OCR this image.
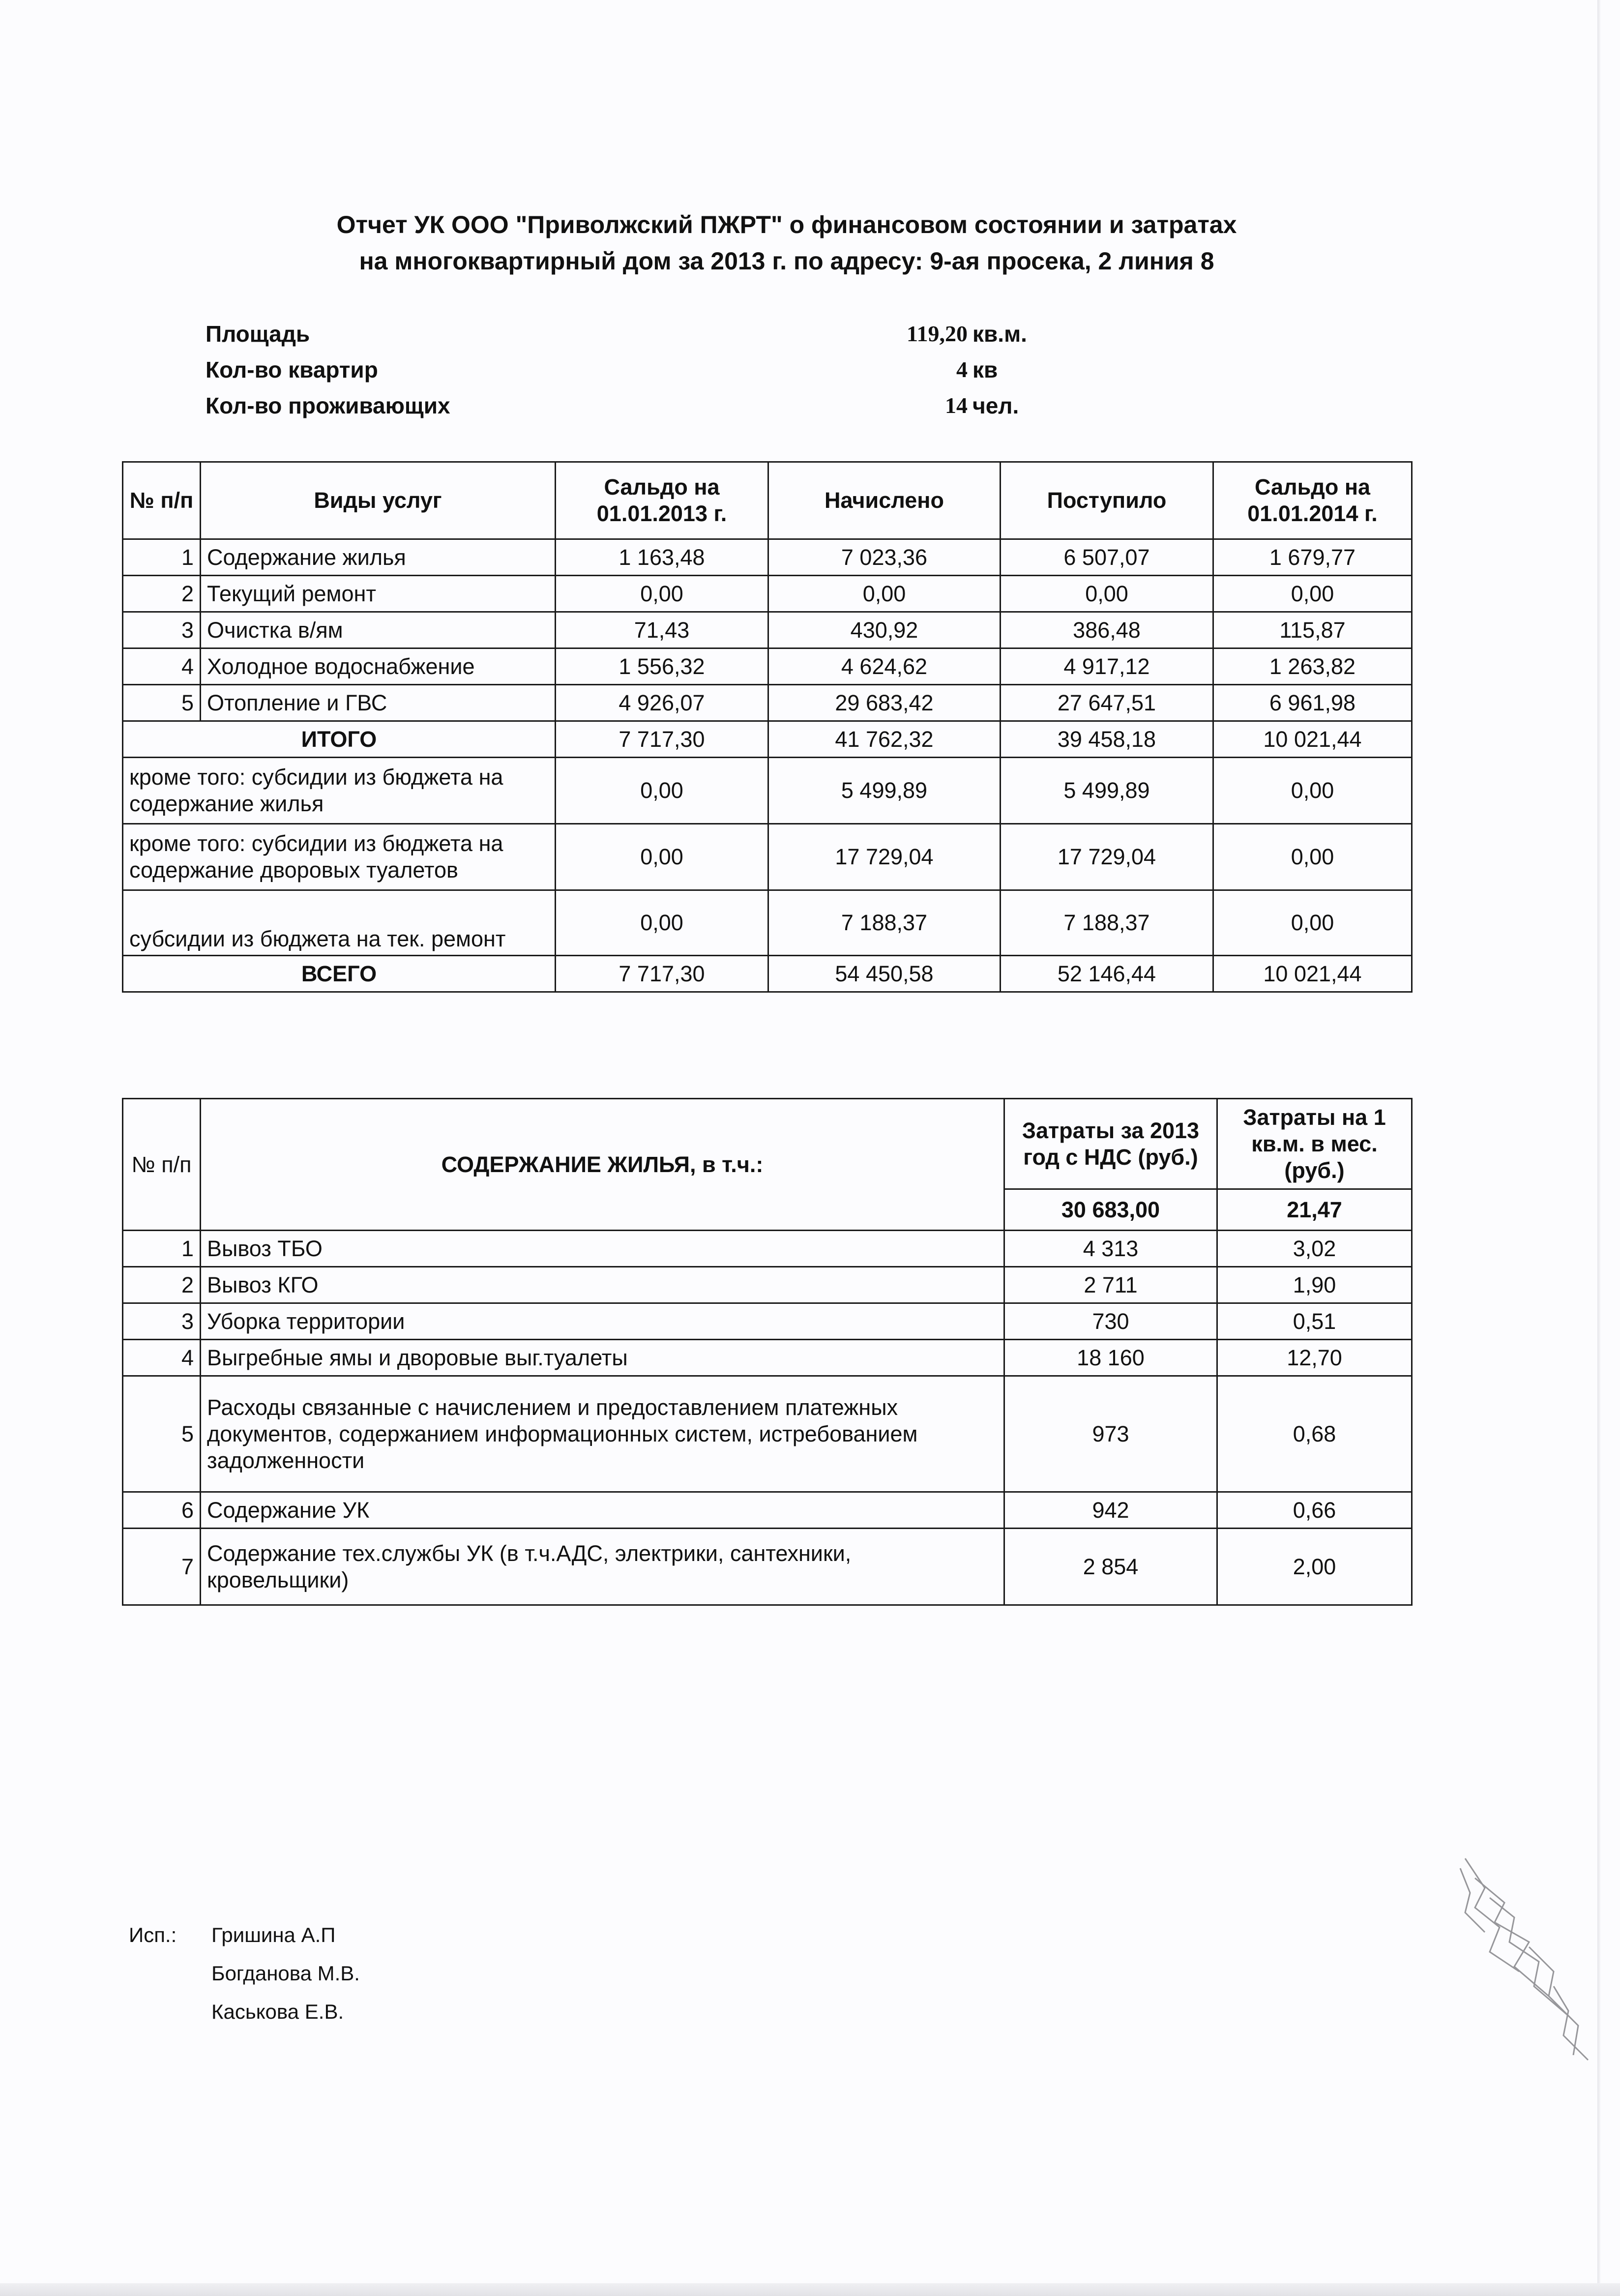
Отчет УК ООО "Приволжский ПЖРТ" о финансовом состоянии и затратах
на многоквартирный дом за 2013 г. по адресу: 9-ая просека, 2 линия 8
Площадь	119,20 кв.м.
Кол-во квартир	4 кв
Кол-во проживающих	14 чел.
№ п/п	Виды услуг	Сальдо на 01.01.2013 г.	Начислено	Поступило	Сальдо на 01.01.2014 г.
1	Содержание жилья	1 163,48	7 023,36	6 507,07	1 679,77
2	Текущий ремонт	0,00	0,00	0,00	0,00
3	Очистка в/ям	71,43	430,92	386,48	115,87
4	Холодное водоснабжение	1 556,32	4 624,62	4 917,12	1 263,82
5	Отопление и ГВС	4 926,07	29 683,42	27 647,51	6 961,98
ИТОГО		7 717,30	41 762,32	39 458,18	10 021,44
кроме того: субсидии из бюджета на содержание жилья		0,00	5 499,89	5 499,89	0,00
кроме того: субсидии из бюджета на содержание дворовых туалетов		0,00	17 729,04	17 729,04	0,00
субсидии из бюджета на тек. ремонт		0,00	7 188,37	7 188,37	0,00
ВСЕГО		7 717,30	54 450,58	52 146,44	10 021,44
№ п/п	СОДЕРЖАНИЕ ЖИЛЬЯ, в т.ч.:	Затраты за 2013 год с НДС (руб.)	Затраты на 1 кв.м. в мес. (руб.)
		30 683,00	21,47
1	Вывоз ТБО	4 313	3,02
2	Вывоз КГО	2 711	1,90
3	Уборка территории	730	0,51
4	Выгребные ямы и дворовые выг.туалеты	18 160	12,70
5	Расходы связанные с начислением и предоставлением платежных документов, содержанием информационных систем, истребованием задолженности	973	0,68
6	Содержание УК	942	0,66
7	Содержание тех.службы УК (в т.ч.АДС, электрики, сантехники, кровельщики)	2 854	2,00
Исп.: Гришина А.П
Богданова М.В.
Каськова Е.В.
